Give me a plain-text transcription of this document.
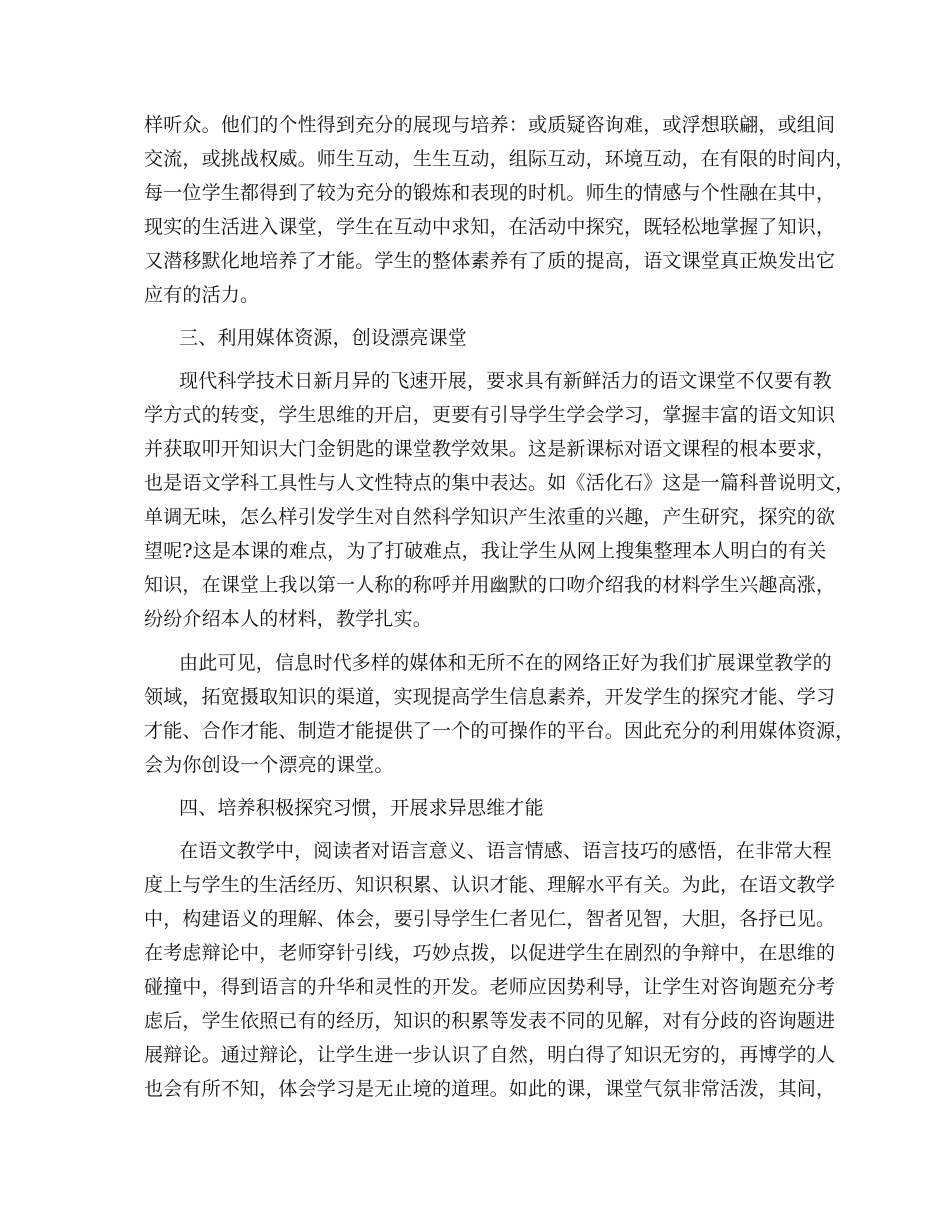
样听众。他们的个性得到充分的展现与培养：或质疑咨询难，或浮想联翩，或组间
交流，或挑战权威。师生互动，生生互动，组际互动，环境互动，在有限的时间内，
每一位学生都得到了较为充分的锻炼和表现的时机。师生的情感与个性融在其中，
现实的生活进入课堂，学生在互动中求知，在活动中探究，既轻松地掌握了知识，
又潜移默化地培养了才能。学生的整体素养有了质的提高，语文课堂真正焕发出它
应有的活力。
三、利用媒体资源，创设漂亮课堂
现代科学技术日新月异的飞速开展，要求具有新鲜活力的语文课堂不仅要有教
学方式的转变，学生思维的开启，更要有引导学生学会学习，掌握丰富的语文知识
并获取叩开知识大门金钥匙的课堂教学效果。这是新课标对语文课程的根本要求，
也是语文学科工具性与人文性特点的集中表达。如《活化石》这是一篇科普说明文，
单调无味，怎么样引发学生对自然科学知识产生浓重的兴趣，产生研究，探究的欲
望呢?这是本课的难点，为了打破难点，我让学生从网上搜集整理本人明白的有关
知识，在课堂上我以第一人称的称呼并用幽默的口吻介绍我的材料学生兴趣高涨，
纷纷介绍本人的材料，教学扎实。
由此可见，信息时代多样的媒体和无所不在的网络正好为我们扩展课堂教学的
领域，拓宽摄取知识的渠道，实现提高学生信息素养，开发学生的探究才能、学习
才能、合作才能、制造才能提供了一个的可操作的平台。因此充分的利用媒体资源，
会为你创设一个漂亮的课堂。
四、培养积极探究习惯，开展求异思维才能
在语文教学中，阅读者对语言意义、语言情感、语言技巧的感悟，在非常大程
度上与学生的生活经历、知识积累、认识才能、理解水平有关。为此，在语文教学
中，构建语义的理解、体会，要引导学生仁者见仁，智者见智，大胆，各抒已见。
在考虑辩论中，老师穿针引线，巧妙点拨，以促进学生在剧烈的争辩中，在思维的
碰撞中，得到语言的升华和灵性的开发。老师应因势利导，让学生对咨询题充分考
虑后，学生依照已有的经历，知识的积累等发表不同的见解，对有分歧的咨询题进
展辩论。通过辩论，让学生进一步认识了自然，明白得了知识无穷的，再博学的人
也会有所不知，体会学习是无止境的道理。如此的课，课堂气氛非常活泼，其间，
